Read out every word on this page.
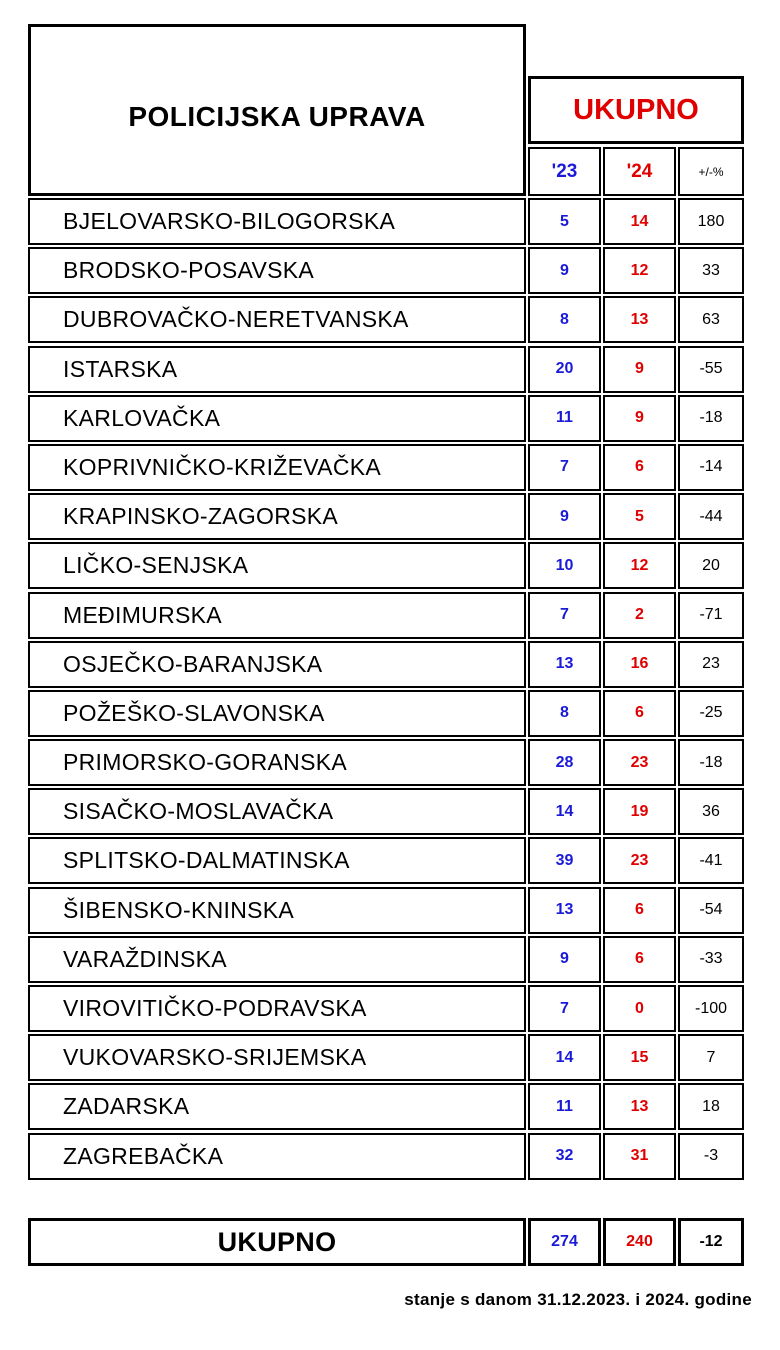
POLICIJSKA UPRAVA	UKUPNO
'23	'24	+/-%
BJELOVARSKO-BILOGORSKA	5	14	180
BRODSKO-POSAVSKA	9	12	33
DUBROVAČKO-NERETVANSKA	8	13	63
ISTARSKA	20	9	-55
KARLOVAČKA	11	9	-18
KOPRIVNIČKO-KRIŽEVAČKA	7	6	-14
KRAPINSKO-ZAGORSKA	9	5	-44
LIČKO-SENJSKA	10	12	20
MEĐIMURSKA	7	2	-71
OSJEČKO-BARANJSKA	13	16	23
POŽEŠKO-SLAVONSKA	8	6	-25
PRIMORSKO-GORANSKA	28	23	-18
SISAČKO-MOSLAVAČKA	14	19	36
SPLITSKO-DALMATINSKA	39	23	-41
ŠIBENSKO-KNINSKA	13	6	-54
VARAŽDINSKA	9	6	-33
VIROVITIČKO-PODRAVSKA	7	0	-100
VUKOVARSKO-SRIJEMSKA	14	15	7
ZADARSKA	11	13	18
ZAGREBAČKA	32	31	-3
UKUPNO	274	240	-12
stanje s danom 31.12.2023. i 2024. godine
